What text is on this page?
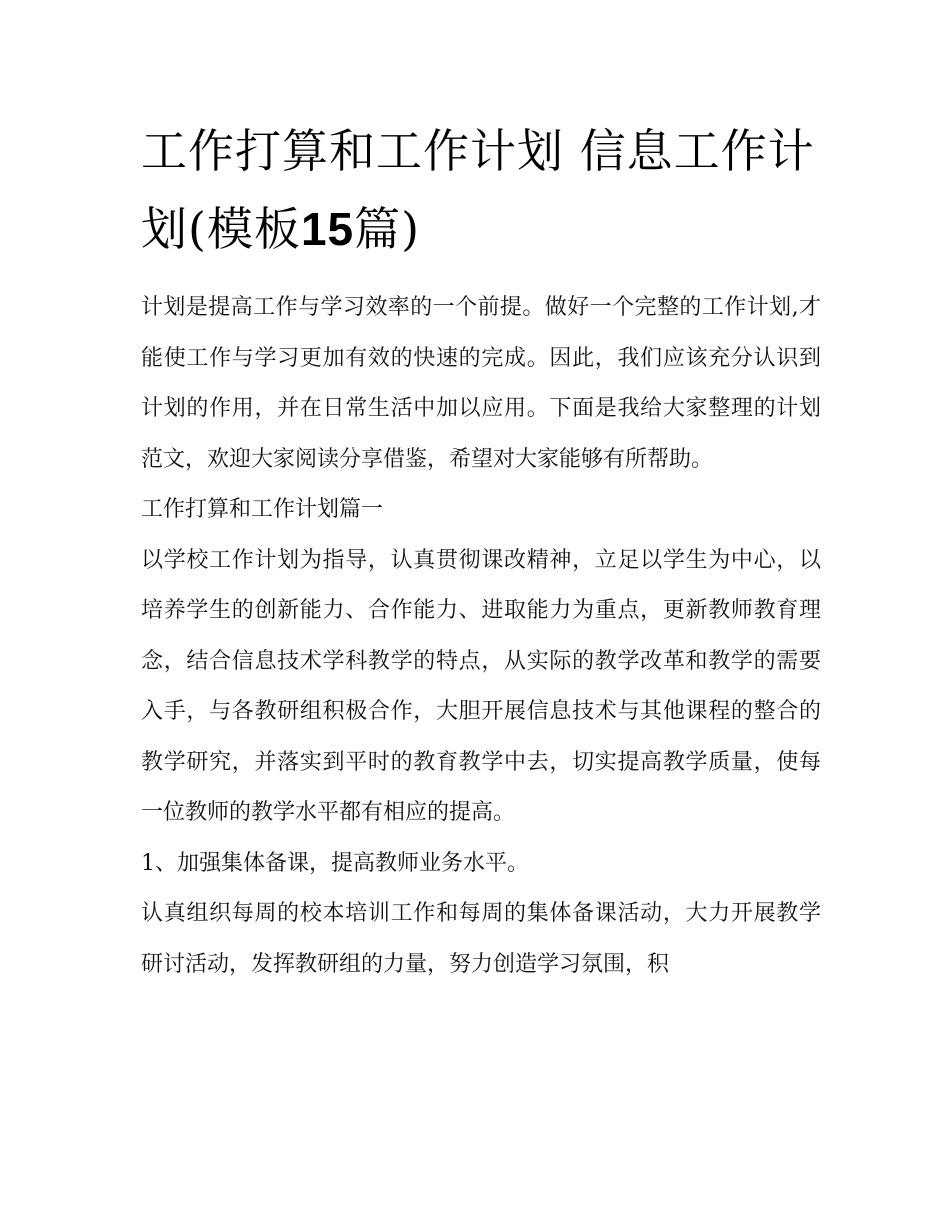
工作打算和工作计划 信息工作计划(模板15篇)

计划是提高工作与学习效率的一个前提。做好一个完整的工作计划,才能使工作与学习更加有效的快速的完成。因此，我们应该充分认识到计划的作用，并在日常生活中加以应用。下面是我给大家整理的计划范文，欢迎大家阅读分享借鉴，希望对大家能够有所帮助。

工作打算和工作计划篇一

以学校工作计划为指导，认真贯彻课改精神，立足以学生为中心，以培养学生的创新能力、合作能力、进取能力为重点，更新教师教育理念，结合信息技术学科教学的特点，从实际的教学改革和教学的需要入手，与各教研组积极合作，大胆开展信息技术与其他课程的整合的教学研究，并落实到平时的教育教学中去，切实提高教学质量，使每一位教师的教学水平都有相应的提高。

1、加强集体备课，提高教师业务水平。

认真组织每周的校本培训工作和每周的集体备课活动，大力开展教学研讨活动，发挥教研组的力量，努力创造学习氛围，积
